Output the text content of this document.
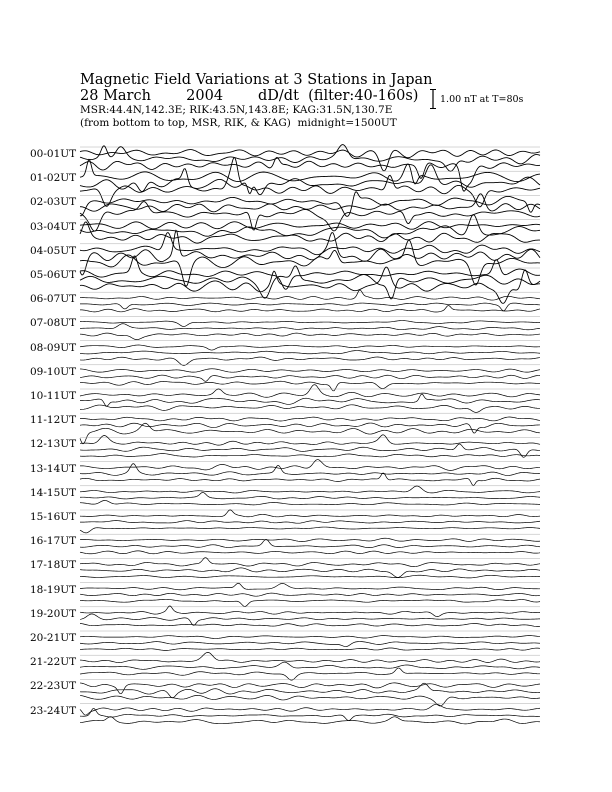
Magnetic Field Variations at 3 Stations in Japan
28 March 2004 dD/dt (filter:40-160s)
MSR:44.4N,142.3E; RIK:43.5N,143.8E; KAG:31.5N,130.7E
(from bottom to top, MSR, RIK, & KAG) midnight=1500UT
1.00 nT at T=80s
00-01UT
01-02UT
02-03UT
03-04UT
04-05UT
05-06UT
06-07UT
07-08UT
08-09UT
09-10UT
10-11UT
11-12UT
12-13UT
13-14UT
14-15UT
15-16UT
16-17UT
17-18UT
18-19UT
19-20UT
20-21UT
21-22UT
22-23UT
23-24UT
